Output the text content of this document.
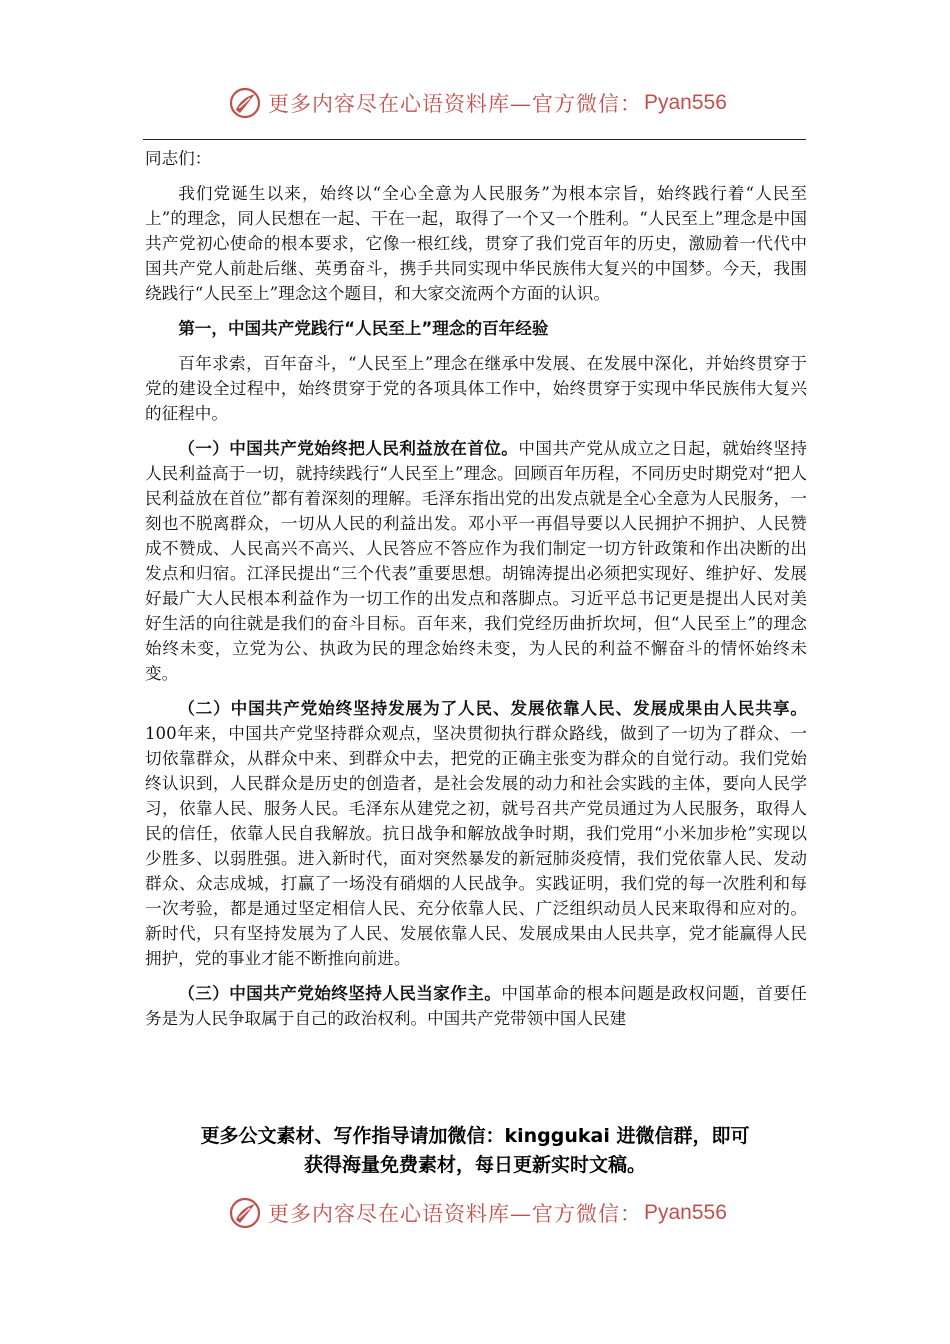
更多内容尽在心语资料库—官方微信： Pyan556

同志们：

我们党诞生以来，始终以“全心全意为人民服务”为根本宗旨，始终践行着“人民至上”的理念，同人民想在一起、干在一起，取得了一个又一个胜利。“人民至上”理念是中国共产党初心使命的根本要求，它像一根红线，贯穿了我们党百年的历史，激励着一代代中国共产党人前赴后继、英勇奋斗，携手共同实现中华民族伟大复兴的中国梦。今天，我围绕践行“人民至上”理念这个题目，和大家交流两个方面的认识。

第一，中国共产党践行“人民至上”理念的百年经验

百年求索，百年奋斗，“人民至上”理念在继承中发展、在发展中深化，并始终贯穿于党的建设全过程中，始终贯穿于党的各项具体工作中，始终贯穿于实现中华民族伟大复兴的征程中。

（一）中国共产党始终把人民利益放在首位。中国共产党从成立之日起，就始终坚持人民利益高于一切，就持续践行“人民至上”理念。回顾百年历程，不同历史时期党对“把人民利益放在首位”都有着深刻的理解。毛泽东指出党的出发点就是全心全意为人民服务，一刻也不脱离群众，一切从人民的利益出发。邓小平一再倡导要以人民拥护不拥护、人民赞成不赞成、人民高兴不高兴、人民答应不答应作为我们制定一切方针政策和作出决断的出发点和归宿。江泽民提出“三个代表”重要思想。胡锦涛提出必须把实现好、维护好、发展好最广大人民根本利益作为一切工作的出发点和落脚点。习近平总书记更是提出人民对美好生活的向往就是我们的奋斗目标。百年来，我们党经历曲折坎坷，但“人民至上”的理念始终未变，立党为公、执政为民的理念始终未变，为人民的利益不懈奋斗的情怀始终未变。

（二）中国共产党始终坚持发展为了人民、发展依靠人民、发展成果由人民共享。100年来，中国共产党坚持群众观点，坚决贯彻执行群众路线，做到了一切为了群众、一切依靠群众，从群众中来、到群众中去，把党的正确主张变为群众的自觉行动。我们党始终认识到，人民群众是历史的创造者，是社会发展的动力和社会实践的主体，要向人民学习，依靠人民、服务人民。毛泽东从建党之初，就号召共产党员通过为人民服务，取得人民的信任，依靠人民自我解放。抗日战争和解放战争时期，我们党用“小米加步枪”实现以少胜多、以弱胜强。进入新时代，面对突然暴发的新冠肺炎疫情，我们党依靠人民、发动群众、众志成城，打赢了一场没有硝烟的人民战争。实践证明，我们党的每一次胜利和每一次考验，都是通过坚定相信人民、充分依靠人民、广泛组织动员人民来取得和应对的。新时代，只有坚持发展为了人民、发展依靠人民、发展成果由人民共享，党才能赢得人民拥护，党的事业才能不断推向前进。

（三）中国共产党始终坚持人民当家作主。中国革命的根本问题是政权问题，首要任务是为人民争取属于自己的政治权利。中国共产党带领中国人民建

更多公文素材、写作指导请加微信：kinggukai 进微信群，即可
获得海量免费素材，每日更新实时文稿。
更多内容尽在心语资料库—官方微信： Pyan556
